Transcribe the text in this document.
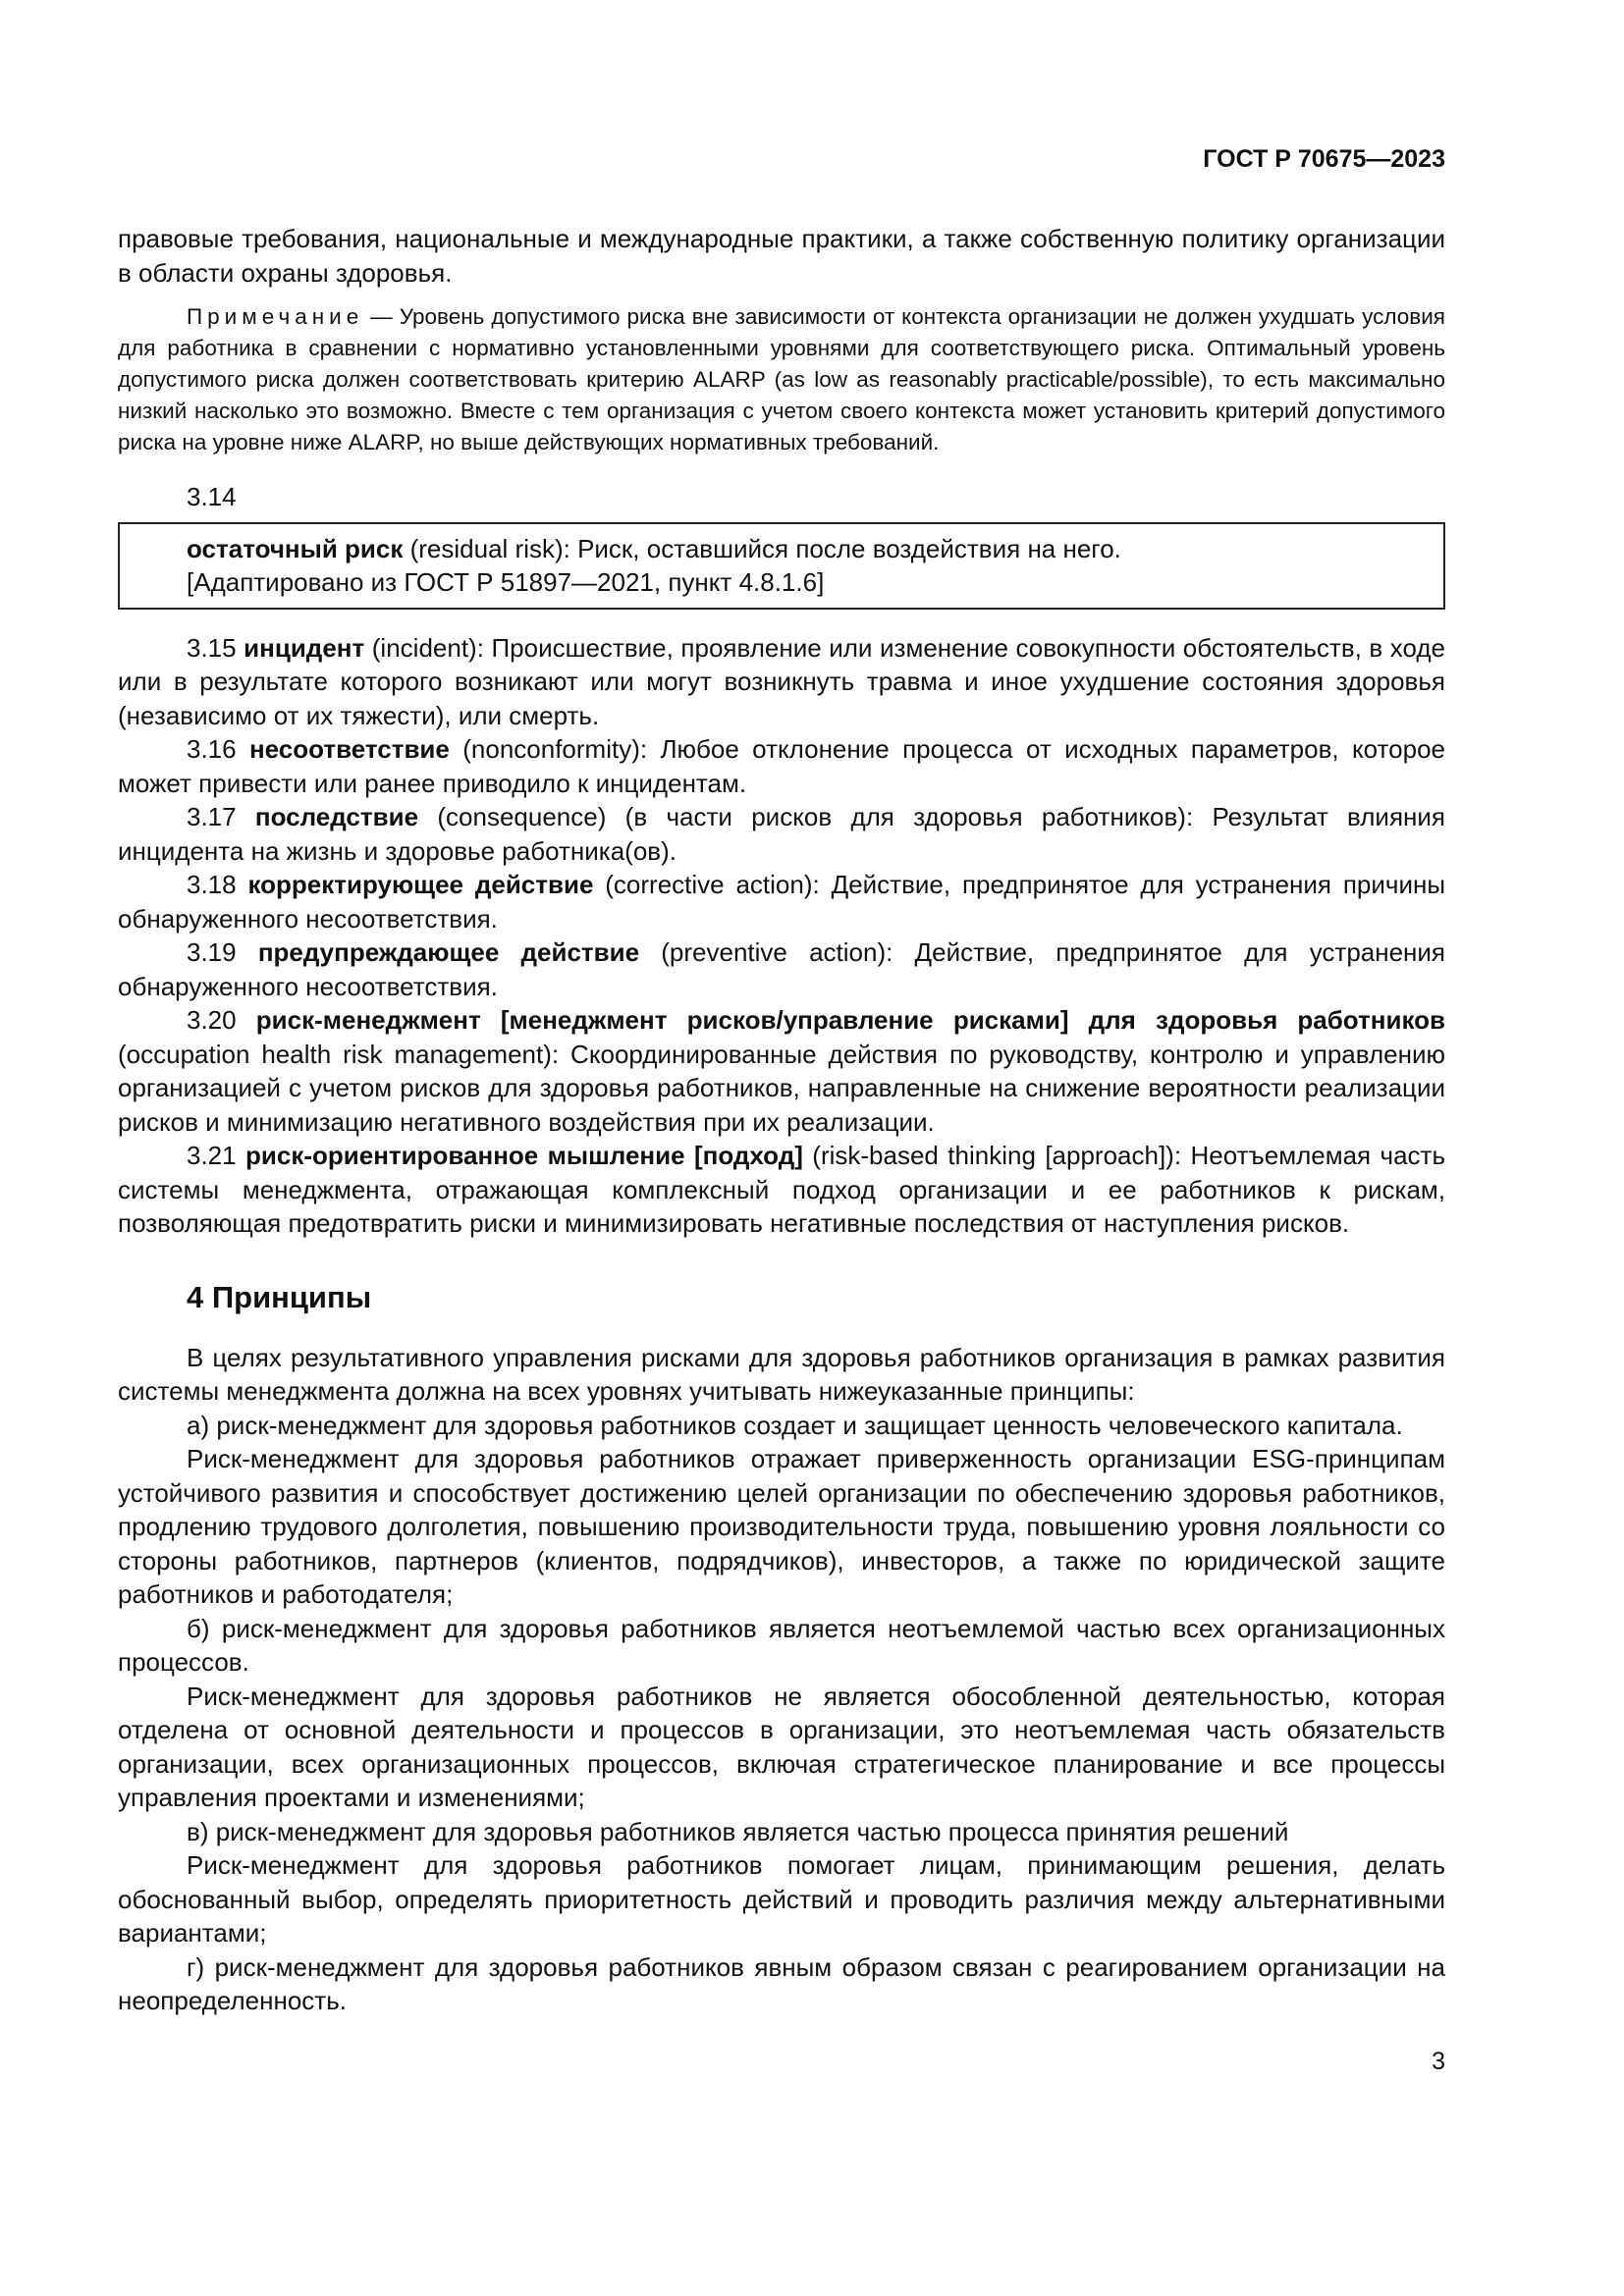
ГОСТ Р 70675—2023

правовые требования, национальные и международные практики, а также собственную политику организации в области охраны здоровья.

Примечание — Уровень допустимого риска вне зависимости от контекста организации не должен ухудшать условия для работника в сравнении с нормативно установленными уровнями для соответствующего риска. Оптимальный уровень допустимого риска должен соответствовать критерию ALARP (as low as reasonably practicable/possible), то есть максимально низкий насколько это возможно. Вместе с тем организация с учетом своего контекста может установить критерий допустимого риска на уровне ниже ALARP, но выше действующих нормативных требований.

3.14

остаточный риск (residual risk): Риск, оставшийся после воздействия на него.

[Адаптировано из ГОСТ Р 51897—2021, пункт 4.8.1.6]

3.15 инцидент (incident): Происшествие, проявление или изменение совокупности обстоятельств, в ходе или в результате которого возникают или могут возникнуть травма и иное ухудшение состояния здоровья (независимо от их тяжести), или смерть.

3.16 несоответствие (nonconformity): Любое отклонение процесса от исходных параметров, которое может привести или ранее приводило к инцидентам.

3.17 последствие (consequence) (в части рисков для здоровья работников): Результат влияния инцидента на жизнь и здоровье работника(ов).

3.18 корректирующее действие (corrective action): Действие, предпринятое для устранения причины обнаруженного несоответствия.

3.19 предупреждающее действие (preventive action): Действие, предпринятое для устранения обнаруженного несоответствия.

3.20 риск-менеджмент [менеджмент рисков/управление рисками] для здоровья работников (occupation health risk management): Скоординированные действия по руководству, контролю и управлению организацией с учетом рисков для здоровья работников, направленные на снижение вероятности реализации рисков и минимизацию негативного воздействия при их реализации.

3.21 риск-ориентированное мышление [подход] (risk-based thinking [approach]): Неотъемлемая часть системы менеджмента, отражающая комплексный подход организации и ее работников к рискам, позволяющая предотвратить риски и минимизировать негативные последствия от наступления рисков.

4 Принципы

В целях результативного управления рисками для здоровья работников организация в рамках развития системы менеджмента должна на всех уровнях учитывать нижеуказанные принципы:

а) риск-менеджмент для здоровья работников создает и защищает ценность человеческого капитала.

Риск-менеджмент для здоровья работников отражает приверженность организации ESG-принципам устойчивого развития и способствует достижению целей организации по обеспечению здоровья работников, продлению трудового долголетия, повышению производительности труда, повышению уровня лояльности со стороны работников, партнеров (клиентов, подрядчиков), инвесторов, а также по юридической защите работников и работодателя;

б) риск-менеджмент для здоровья работников является неотъемлемой частью всех организационных процессов.

Риск-менеджмент для здоровья работников не является обособленной деятельностью, которая отделена от основной деятельности и процессов в организации, это неотъемлемая часть обязательств организации, всех организационных процессов, включая стратегическое планирование и все процессы управления проектами и изменениями;

в) риск-менеджмент для здоровья работников является частью процесса принятия решений

Риск-менеджмент для здоровья работников помогает лицам, принимающим решения, делать обоснованный выбор, определять приоритетность действий и проводить различия между альтернативными вариантами;

г) риск-менеджмент для здоровья работников явным образом связан с реагированием организации на неопределенность.

3
